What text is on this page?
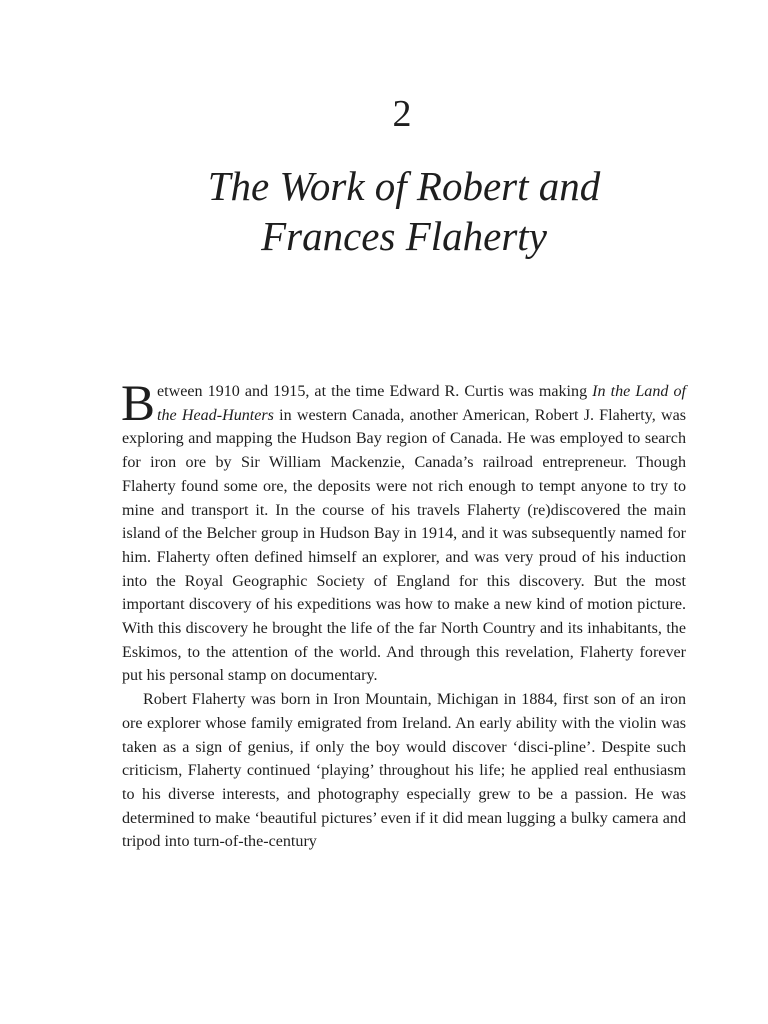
2
The Work of Robert and
Frances Flaherty

Between 1910 and 1915, at the time Edward R. Curtis was making In the Land of the Head-Hunters in western Canada, another American, Robert J. Flaherty, was exploring and mapping the Hudson Bay region of Canada. He was employed to search for iron ore by Sir William Mackenzie, Canada’s railroad entrepreneur. Though Flaherty found some ore, the deposits were not rich enough to tempt anyone to try to mine and transport it. In the course of his travels Flaherty (re)discovered the main island of the Belcher group in Hudson Bay in 1914, and it was subsequently named for him. Flaherty often defined himself an explorer, and was very proud of his induction into the Royal Geographic Society of England for this discovery. But the most important discovery of his expeditions was how to make a new kind of motion picture. With this discovery he brought the life of the far North Country and its inhabitants, the Eskimos, to the attention of the world. And through this revelation, Flaherty forever put his personal stamp on documentary.

Robert Flaherty was born in Iron Mountain, Michigan in 1884, first son of an iron ore explorer whose family emigrated from Ireland. An early ability with the violin was taken as a sign of genius, if only the boy would discover ‘disci-pline’. Despite such criticism, Flaherty continued ‘playing’ throughout his life; he applied real enthusiasm to his diverse interests, and photography especially grew to be a passion. He was determined to make ‘beautiful pictures’ even if it did mean lugging a bulky camera and tripod into turn-of-the-century
